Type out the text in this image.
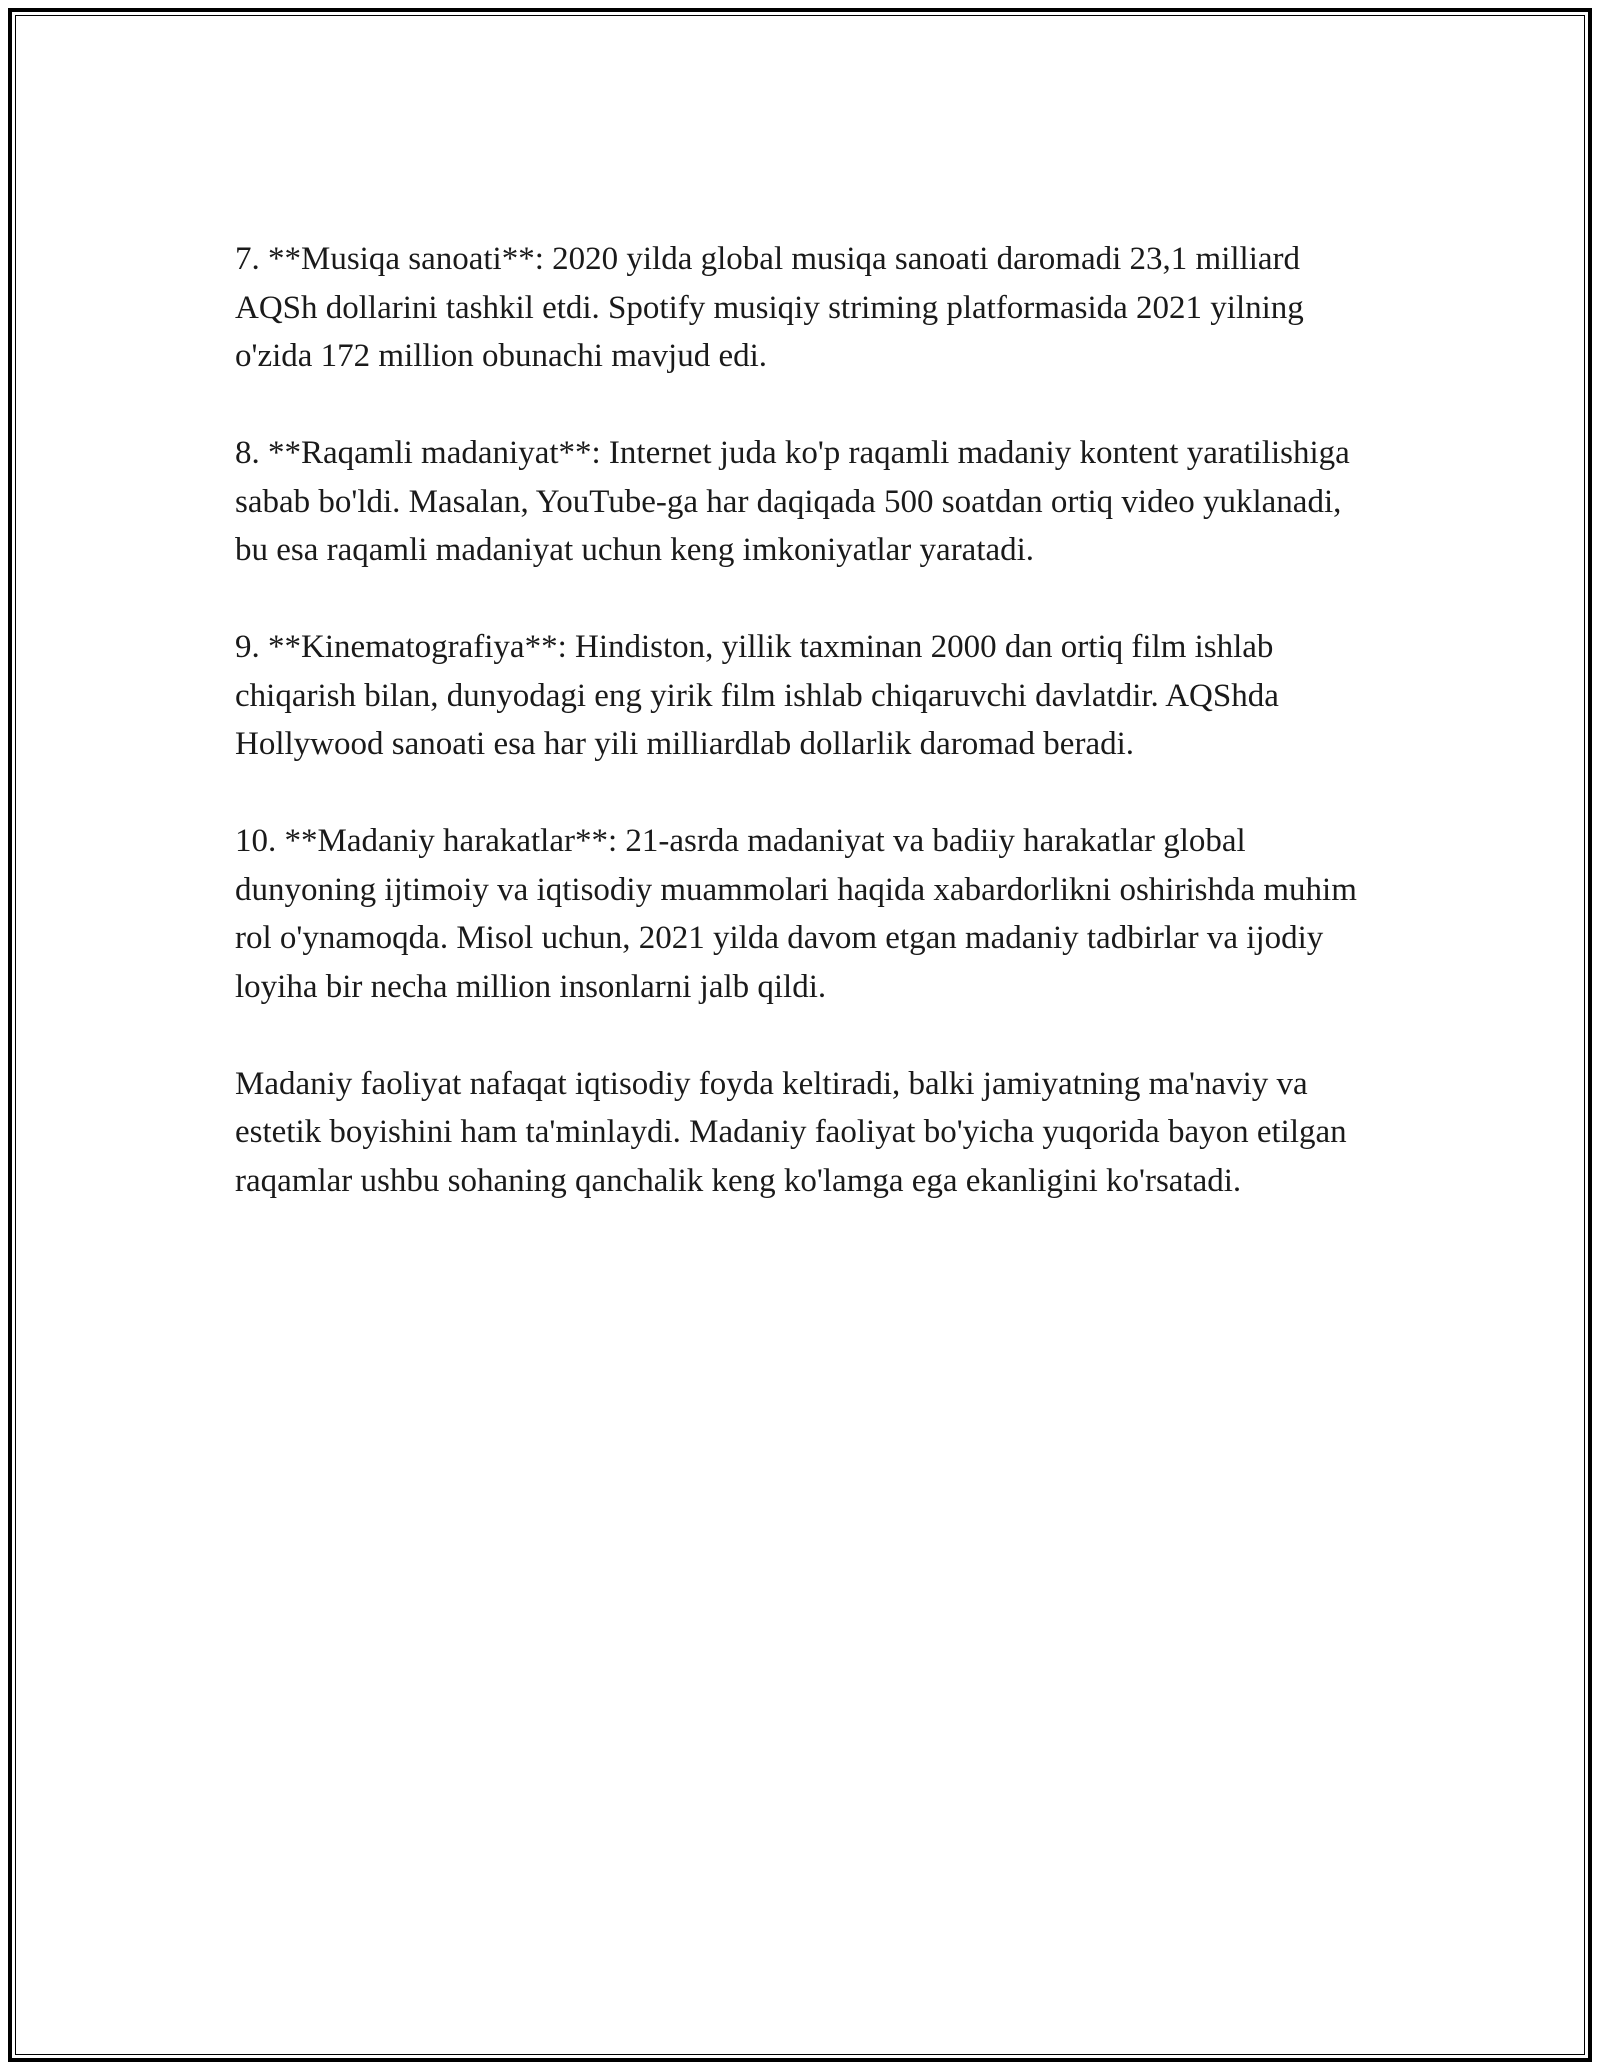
7. **Musiqa sanoati**: 2020 yilda global musiqa sanoati daromadi 23,1 milliard AQSh dollarini tashkil etdi. Spotify musiqiy striming platformasida 2021 yilning o'zida 172 million obunachi mavjud edi.

8. **Raqamli madaniyat**: Internet juda ko'p raqamli madaniy kontent yaratilishiga sabab bo'ldi. Masalan, YouTube-ga har daqiqada 500 soatdan ortiq video yuklanadi, bu esa raqamli madaniyat uchun keng imkoniyatlar yaratadi.

9. **Kinematografiya**: Hindiston, yillik taxminan 2000 dan ortiq film ishlab chiqarish bilan, dunyodagi eng yirik film ishlab chiqaruvchi davlatdir. AQShda Hollywood sanoati esa har yili milliardlab dollarlik daromad beradi.

10. **Madaniy harakatlar**: 21-asrda madaniyat va badiiy harakatlar global dunyoning ijtimoiy va iqtisodiy muammolari haqida xabardorlikni oshirishda muhim rol o'ynamoqda. Misol uchun, 2021 yilda davom etgan madaniy tadbirlar va ijodiy loyiha bir necha million insonlarni jalb qildi.

Madaniy faoliyat nafaqat iqtisodiy foyda keltiradi, balki jamiyatning ma'naviy va estetik boyishini ham ta'minlaydi. Madaniy faoliyat bo'yicha yuqorida bayon etilgan raqamlar ushbu sohaning qanchalik keng ko'lamga ega ekanligini ko'rsatadi.
